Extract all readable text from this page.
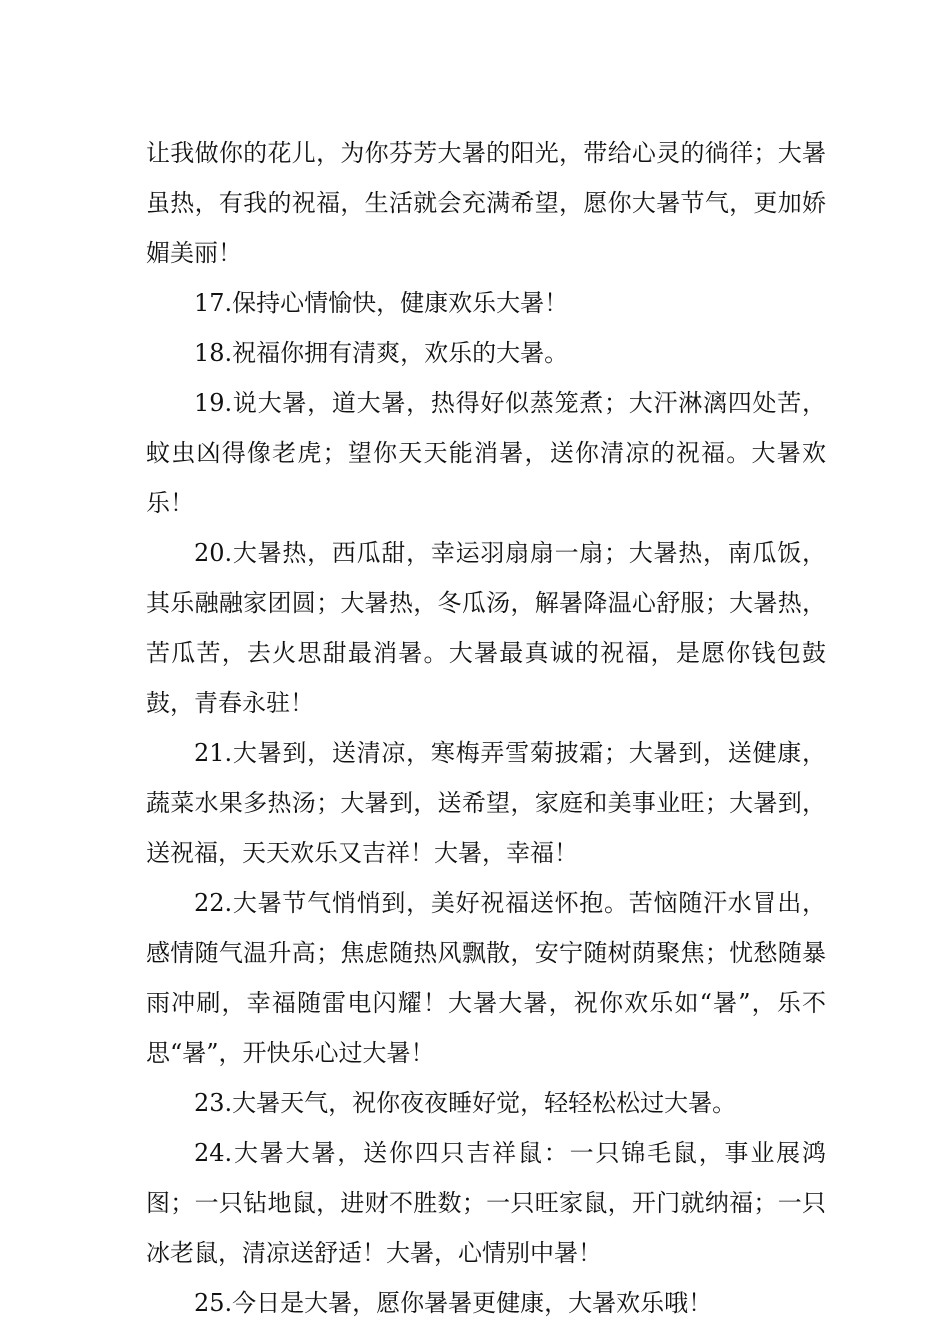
让我做你的花儿，为你芬芳大暑的阳光，带给心灵的徜徉；大暑虽热，有我的祝福，生活就会充满希望，愿你大暑节气，更加娇媚美丽！

17.保持心情愉快，健康欢乐大暑！

18.祝福你拥有清爽，欢乐的大暑。

19.说大暑，道大暑，热得好似蒸笼煮；大汗淋漓四处苦，蚊虫凶得像老虎；望你天天能消暑，送你清凉的祝福。大暑欢乐！

20.大暑热，西瓜甜，幸运羽扇扇一扇；大暑热，南瓜饭，其乐融融家团圆；大暑热，冬瓜汤，解暑降温心舒服；大暑热，苦瓜苦，去火思甜最消暑。大暑最真诚的祝福，是愿你钱包鼓鼓，青春永驻！

21.大暑到，送清凉，寒梅弄雪菊披霜；大暑到，送健康，蔬菜水果多热汤；大暑到，送希望，家庭和美事业旺；大暑到，送祝福，天天欢乐又吉祥！大暑，幸福！

22.大暑节气悄悄到，美好祝福送怀抱。苦恼随汗水冒出，感情随气温升高；焦虑随热风飘散，安宁随树荫聚焦；忧愁随暴雨冲刷，幸福随雷电闪耀！大暑大暑，祝你欢乐如“暑”，乐不思“暑”，开快乐心过大暑！

23.大暑天气，祝你夜夜睡好觉，轻轻松松过大暑。

24.大暑大暑，送你四只吉祥鼠：一只锦毛鼠，事业展鸿图；一只钻地鼠，进财不胜数；一只旺家鼠，开门就纳福；一只冰老鼠，清凉送舒适！大暑，心情别中暑！

25.今日是大暑，愿你暑暑更健康，大暑欢乐哦！
